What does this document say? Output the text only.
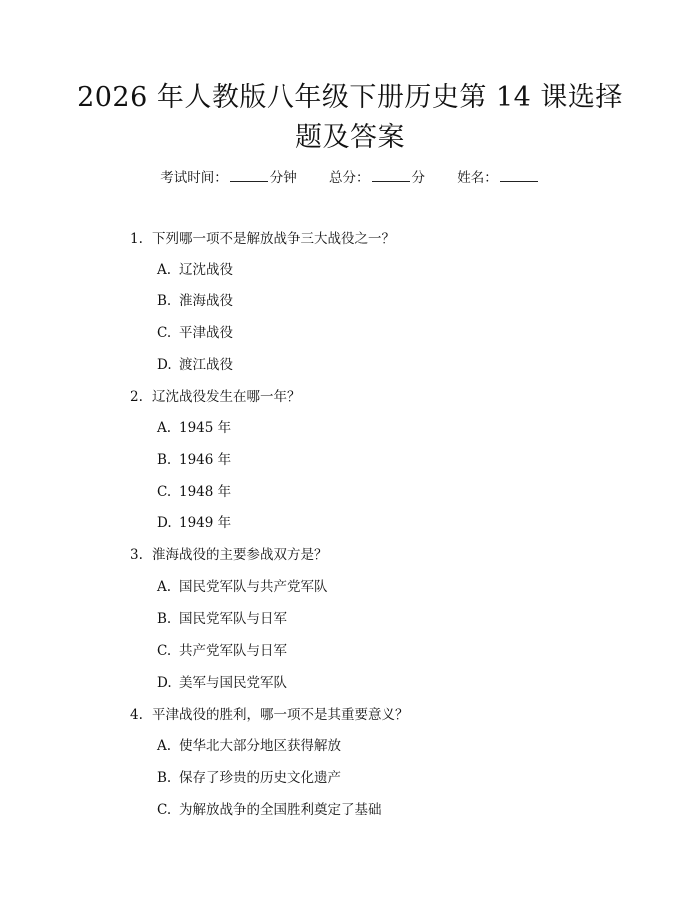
2026 年人教版八年级下册历史第 14 课选择
题及答案
考试时间：	分钟 总分：	分 姓名：
1. 下列哪一项不是解放战争三大战役之一？
A. 辽沈战役
B. 淮海战役
C. 平津战役
D. 渡江战役
2. 辽沈战役发生在哪一年？
A. 1945 年
B. 1946 年
C. 1948 年
D. 1949 年
3. 淮海战役的主要参战双方是？
A. 国民党军队与共产党军队
B. 国民党军队与日军
C. 共产党军队与日军
D. 美军与国民党军队
4. 平津战役的胜利，哪一项不是其重要意义？
A. 使华北大部分地区获得解放
B. 保存了珍贵的历史文化遗产
C. 为解放战争的全国胜利奠定了基础
